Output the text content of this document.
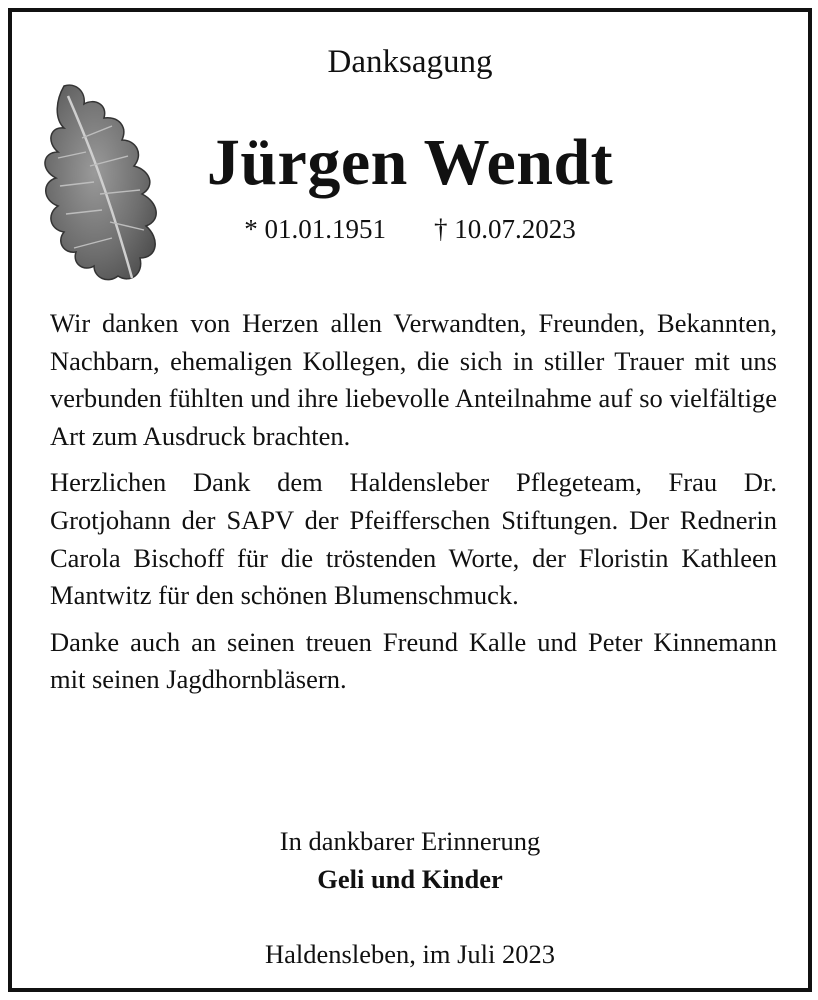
Danksagung
Jürgen Wendt
* 01.01.1951 † 10.07.2023

Wir danken von Herzen allen Verwandten, Freunden, Bekannten, Nachbarn, ehemaligen Kollegen, die sich in stiller Trauer mit uns verbunden fühlten und ihre liebevolle Anteilnahme auf so vielfältige Art zum Ausdruck brachten.

Herzlichen Dank dem Haldensleber Pflegeteam, Frau Dr. Grotjohann der SAPV der Pfeifferschen Stiftungen. Der Rednerin Carola Bischoff für die tröstenden Worte, der Floristin Kathleen Mantwitz für den schönen Blumenschmuck.

Danke auch an seinen treuen Freund Kalle und Peter Kinnemann mit seinen Jagdhornbläsern.

In dankbarer Erinnerung
Geli und Kinder
Haldensleben, im Juli 2023
